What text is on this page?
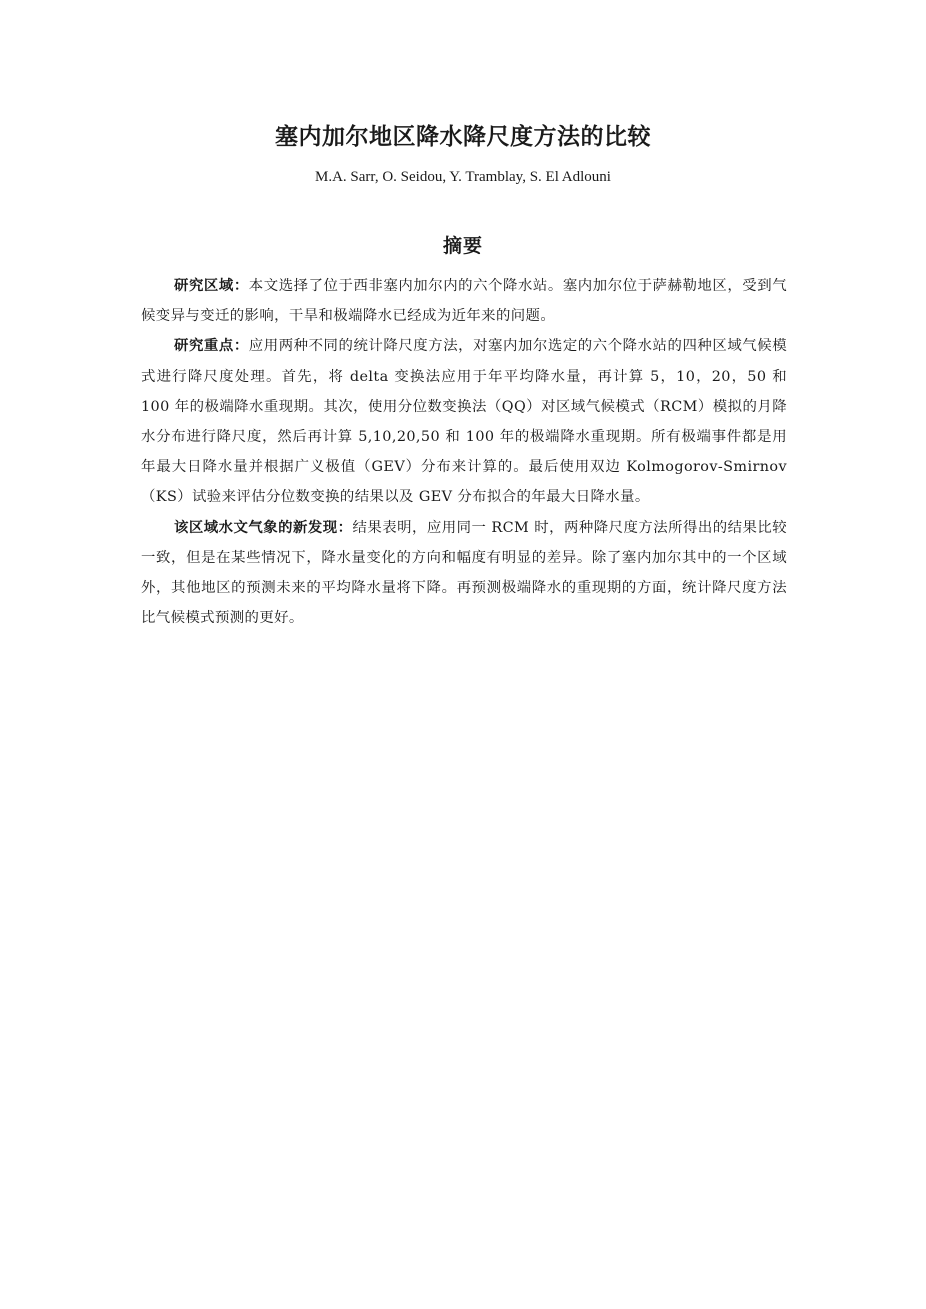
塞内加尔地区降水降尺度方法的比较
M.A. Sarr, O. Seidou, Y. Tramblay, S. El Adlouni
摘要

研究区域：本文选择了位于西非塞内加尔内的六个降水站。塞内加尔位于萨赫勒地区，受到气候变异与变迁的影响，干旱和极端降水已经成为近年来的问题。

研究重点：应用两种不同的统计降尺度方法，对塞内加尔选定的六个降水站的四种区域气候模式进行降尺度处理。首先，将 delta 变换法应用于年平均降水量，再计算 5，10，20，50 和 100 年的极端降水重现期。其次，使用分位数变换法（QQ）对区域气候模式（RCM）模拟的月降水分布进行降尺度，然后再计算 5,10,20,50 和 100 年的极端降水重现期。所有极端事件都是用年最大日降水量并根据广义极值（GEV）分布来计算的。最后使用双边 Kolmogorov-Smirnov（KS）试验来评估分位数变换的结果以及 GEV 分布拟合的年最大日降水量。

该区域水文气象的新发现：结果表明，应用同一 RCM 时，两种降尺度方法所得出的结果比较一致，但是在某些情况下，降水量变化的方向和幅度有明显的差异。除了塞内加尔其中的一个区域外，其他地区的预测未来的平均降水量将下降。再预测极端降水的重现期的方面，统计降尺度方法比气候模式预测的更好。
